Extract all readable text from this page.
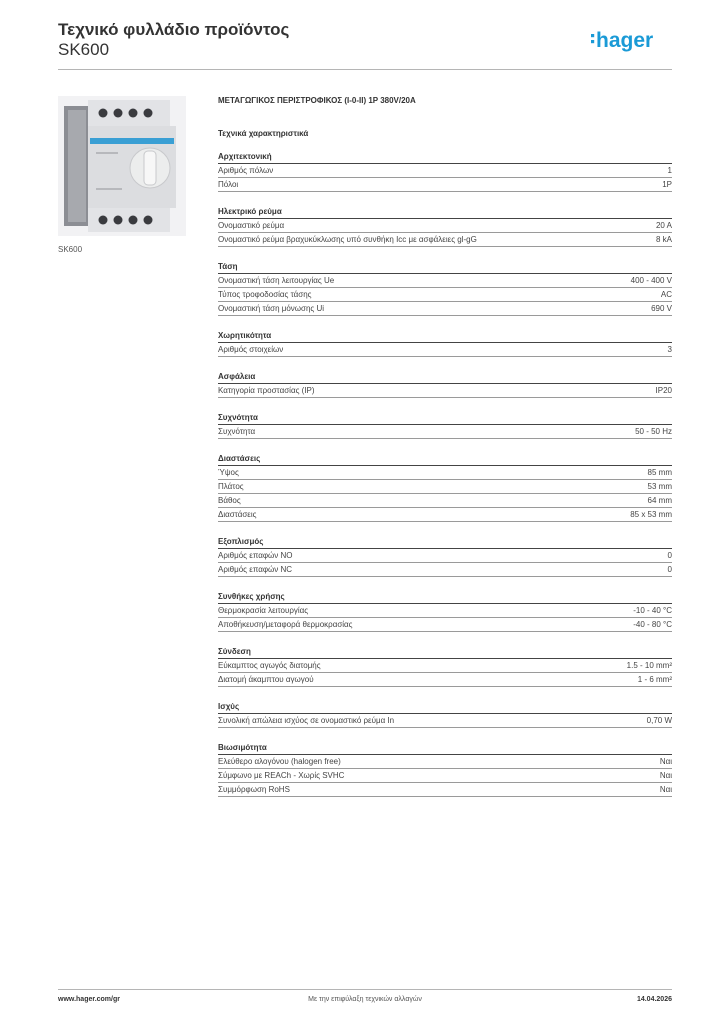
Τεχνικό φυλλάδιο προϊόντος
SK600	hager
SK600
ΜΕΤΑΓΩΓΙΚΟΣ ΠΕΡΙΣΤΡΟΦΙΚΟΣ (I-0-II) 1P 380V/20A
Τεχνικά χαρακτηριστικά
Αρχιτεκτονική
Αριθμός πόλων	1
Πόλοι	1P
Ηλεκτρικό ρεύμα
Ονομαστικό ρεύμα	20 A
Ονομαστικό ρεύμα βραχυκύκλωσης υπό συνθήκη Icc με ασφάλειες gl-gG	8 kA
Τάση
Ονομαστική τάση λειτουργίας Ue	400 - 400 V
Τύπος τροφοδοσίας τάσης	AC
Ονομαστική τάση μόνωσης Ui	690 V
Χωρητικότητα
Αριθμός στοιχείων	3
Ασφάλεια
Κατηγορία προστασίας (IP)	IP20
Συχνότητα
Συχνότητα	50 - 50 Hz
Διαστάσεις
Ύψος	85 mm
Πλάτος	53 mm
Βάθος	64 mm
Διαστάσεις	85 x 53 mm
Εξοπλισμός
Αριθμός επαφών NO	0
Αριθμός επαφών NC	0
Συνθήκες χρήσης
Θερμοκρασία λειτουργίας	-10 - 40 °C
Αποθήκευση/μεταφορά θερμοκρασίας	-40 - 80 °C
Σύνδεση
Εύκαμπτος αγωγός διατομής	1.5 - 10 mm²
Διατομή άκαμπτου αγωγού	1 - 6 mm²
Ισχύς
Συνολική απώλεια ισχύος σε ονομαστικό ρεύμα In	0,70 W
Βιωσιμότητα
Ελεύθερο αλογόνου (halogen free)	Ναι
Σύμφωνο με REACh - Χωρίς SVHC	Ναι
Συμμόρφωση RoHS	Ναι
Με την επιφύλαξη τεχνικών αλλαγών
www.hager.com/gr	14.04.2026
